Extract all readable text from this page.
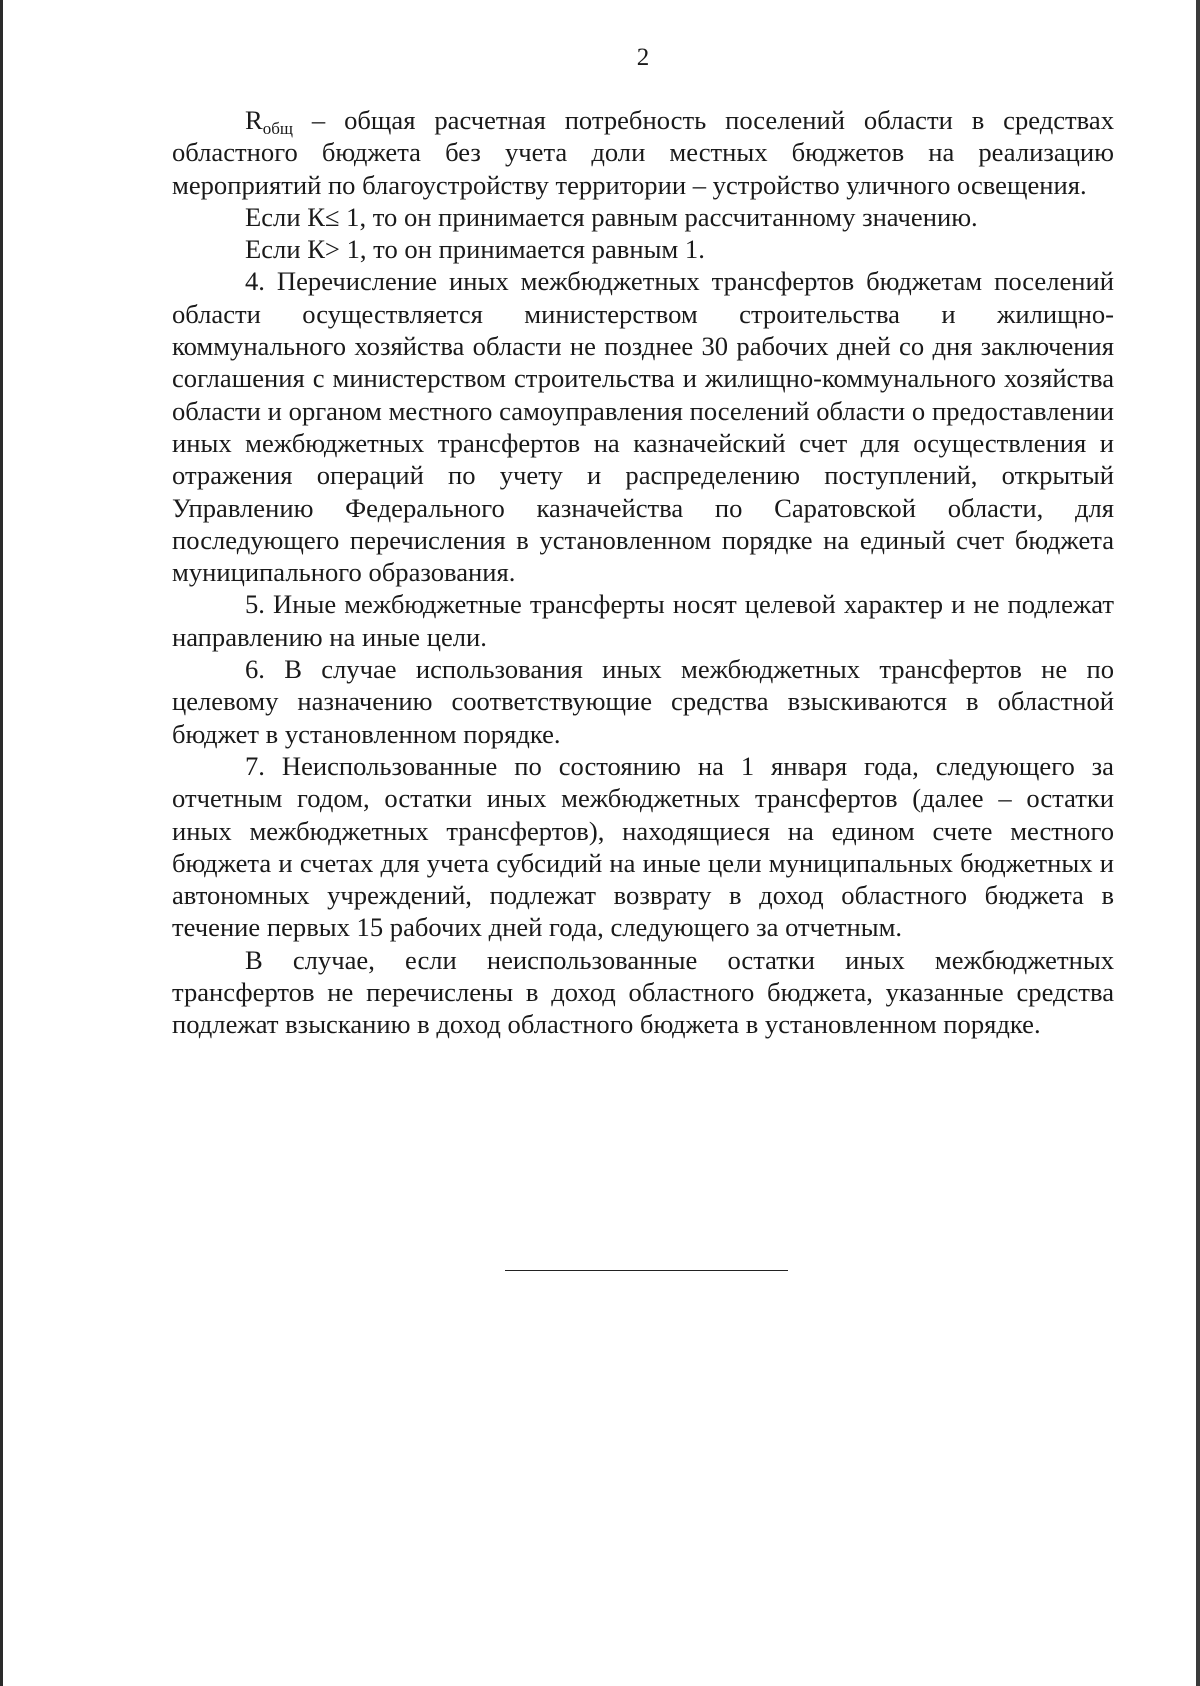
2

$R_{общ}$ – общая расчетная потребность поселений области в средствах областного бюджета без учета доли местных бюджетов на реализацию мероприятий по благоустройству территории – устройство уличного освещения.

Если К≤ 1, то он принимается равным рассчитанному значению.

Если К> 1, то он принимается равным 1.

4. Перечисление иных межбюджетных трансфертов бюджетам поселений области осуществляется министерством строительства и жилищно-коммунального хозяйства области не позднее 30 рабочих дней со дня заключения соглашения с министерством строительства и жилищно-коммунального хозяйства области и органом местного самоуправления поселений области о предоставлении иных межбюджетных трансфертов на казначейский счет для осуществления и отражения операций по учету и распределению поступлений, открытый Управлению Федерального казначейства по Саратовской области, для последующего перечисления в установленном порядке на единый счет бюджета муниципального образования.

5. Иные межбюджетные трансферты носят целевой характер и не подлежат направлению на иные цели.

6. В случае использования иных межбюджетных трансфертов не по целевому назначению соответствующие средства взыскиваются в областной бюджет в установленном порядке.

7. Неиспользованные по состоянию на 1 января года, следующего за отчетным годом, остатки иных межбюджетных трансфертов (далее – остатки иных межбюджетных трансфертов), находящиеся на едином счете местного бюджета и счетах для учета субсидий на иные цели муниципальных бюджетных и автономных учреждений, подлежат возврату в доход областного бюджета в течение первых 15 рабочих дней года, следующего за отчетным.

В случае, если неиспользованные остатки иных межбюджетных трансфертов не перечислены в доход областного бюджета, указанные средства подлежат взысканию в доход областного бюджета в установленном порядке.
